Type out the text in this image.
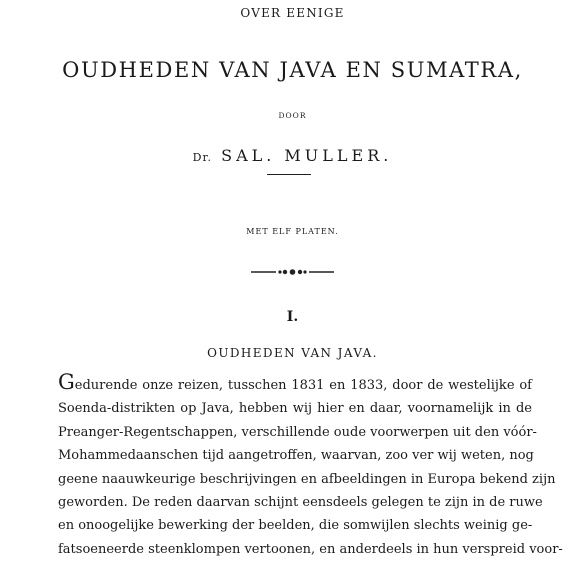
OVER EENIGE
OUDHEDEN VAN JAVA EN SUMATRA,
DOOR
Dr. SAL. MULLER.
MET ELF PLATEN.
I.
OUDHEDEN VAN JAVA.
Gedurende onze reizen, tusschen 1831 en 1833, door de westelijke of
Soenda-distrikten op Java, hebben wij hier en daar, voornamelijk in de
Preanger-Regentschappen, verschillende oude voorwerpen uit den vóór-
Mohammedaanschen tijd aangetroffen, waarvan, zoo ver wij weten, nog
geene naauwkeurige beschrijvingen en afbeeldingen in Europa bekend zijn
geworden. De reden daarvan schijnt eensdeels gelegen te zijn in de ruwe
en onoogelijke bewerking der beelden, die somwijlen slechts weinig ge-
fatsoeneerde steenklompen vertoonen, en anderdeels in hun verspreid voor-
